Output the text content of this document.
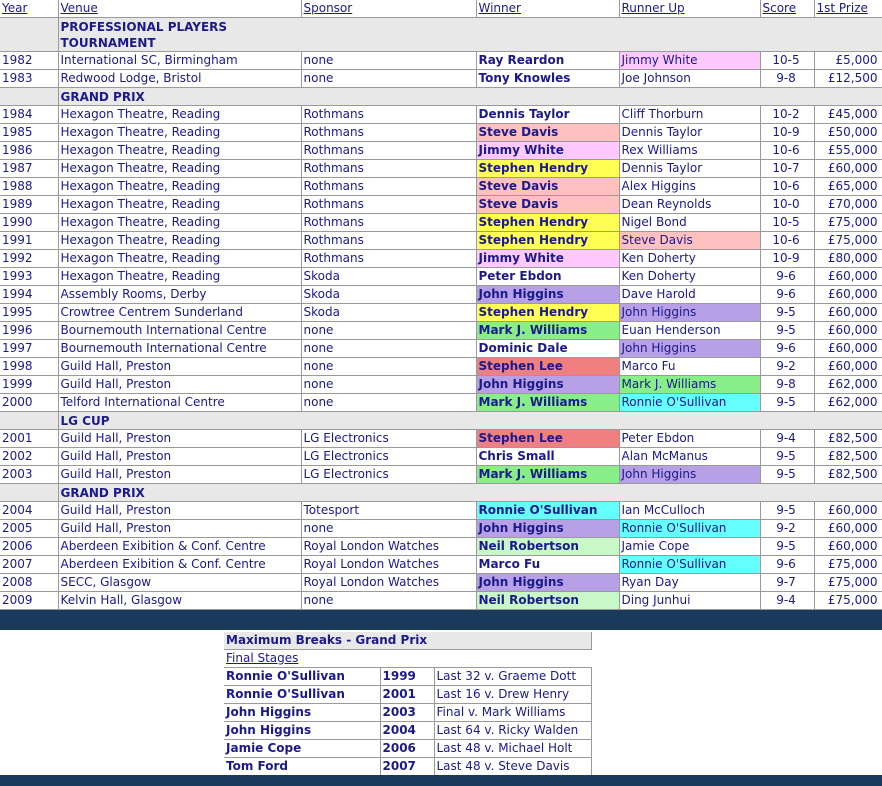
Year	Venue	Sponsor	Winner	Runner Up	Score	1st Prize
	PROFESSIONAL PLAYERS TOURNAMENT					
1982	International SC, Birmingham	none	Ray Reardon	Jimmy White	10-5	£5,000
1983	Redwood Lodge, Bristol	none	Tony Knowles	Joe Johnson	9-8	£12,500
	GRAND PRIX					
1984	Hexagon Theatre, Reading	Rothmans	Dennis Taylor	Cliff Thorburn	10-2	£45,000
1985	Hexagon Theatre, Reading	Rothmans	Steve Davis	Dennis Taylor	10-9	£50,000
1986	Hexagon Theatre, Reading	Rothmans	Jimmy White	Rex Williams	10-6	£55,000
1987	Hexagon Theatre, Reading	Rothmans	Stephen Hendry	Dennis Taylor	10-7	£60,000
1988	Hexagon Theatre, Reading	Rothmans	Steve Davis	Alex Higgins	10-6	£65,000
1989	Hexagon Theatre, Reading	Rothmans	Steve Davis	Dean Reynolds	10-0	£70,000
1990	Hexagon Theatre, Reading	Rothmans	Stephen Hendry	Nigel Bond	10-5	£75,000
1991	Hexagon Theatre, Reading	Rothmans	Stephen Hendry	Steve Davis	10-6	£75,000
1992	Hexagon Theatre, Reading	Rothmans	Jimmy White	Ken Doherty	10-9	£80,000
1993	Hexagon Theatre, Reading	Skoda	Peter Ebdon	Ken Doherty	9-6	£60,000
1994	Assembly Rooms, Derby	Skoda	John Higgins	Dave Harold	9-6	£60,000
1995	Crowtree Centrem Sunderland	Skoda	Stephen Hendry	John Higgins	9-5	£60,000
1996	Bournemouth International Centre	none	Mark J. Williams	Euan Henderson	9-5	£60,000
1997	Bournemouth International Centre	none	Dominic Dale	John Higgins	9-6	£60,000
1998	Guild Hall, Preston	none	Stephen Lee	Marco Fu	9-2	£60,000
1999	Guild Hall, Preston	none	John Higgins	Mark J. Williams	9-8	£62,000
2000	Telford International Centre	none	Mark J. Williams	Ronnie O'Sullivan	9-5	£62,000
	LG CUP					
2001	Guild Hall, Preston	LG Electronics	Stephen Lee	Peter Ebdon	9-4	£82,500
2002	Guild Hall, Preston	LG Electronics	Chris Small	Alan McManus	9-5	£82,500
2003	Guild Hall, Preston	LG Electronics	Mark J. Williams	John Higgins	9-5	£82,500
	GRAND PRIX					
2004	Guild Hall, Preston	Totesport	Ronnie O'Sullivan	Ian McCulloch	9-5	£60,000
2005	Guild Hall, Preston	none	John Higgins	Ronnie O'Sullivan	9-2	£60,000
2006	Aberdeen Exibition & Conf. Centre	Royal London Watches	Neil Robertson	Jamie Cope	9-5	£60,000
2007	Aberdeen Exibition & Conf. Centre	Royal London Watches	Marco Fu	Ronnie O'Sullivan	9-6	£75,000
2008	SECC, Glasgow	Royal London Watches	John Higgins	Ryan Day	9-7	£75,000
2009	Kelvin Hall, Glasgow	none	Neil Robertson	Ding Junhui	9-4	£75,000
Maximum Breaks - Grand Prix		
Final Stages		
Ronnie O'Sullivan	1999	Last 32 v. Graeme Dott
Ronnie O'Sullivan	2001	Last 16 v. Drew Henry
John Higgins	2003	Final v. Mark Williams
John Higgins	2004	Last 64 v. Ricky Walden
Jamie Cope	2006	Last 48 v. Michael Holt
Tom Ford	2007	Last 48 v. Steve Davis
